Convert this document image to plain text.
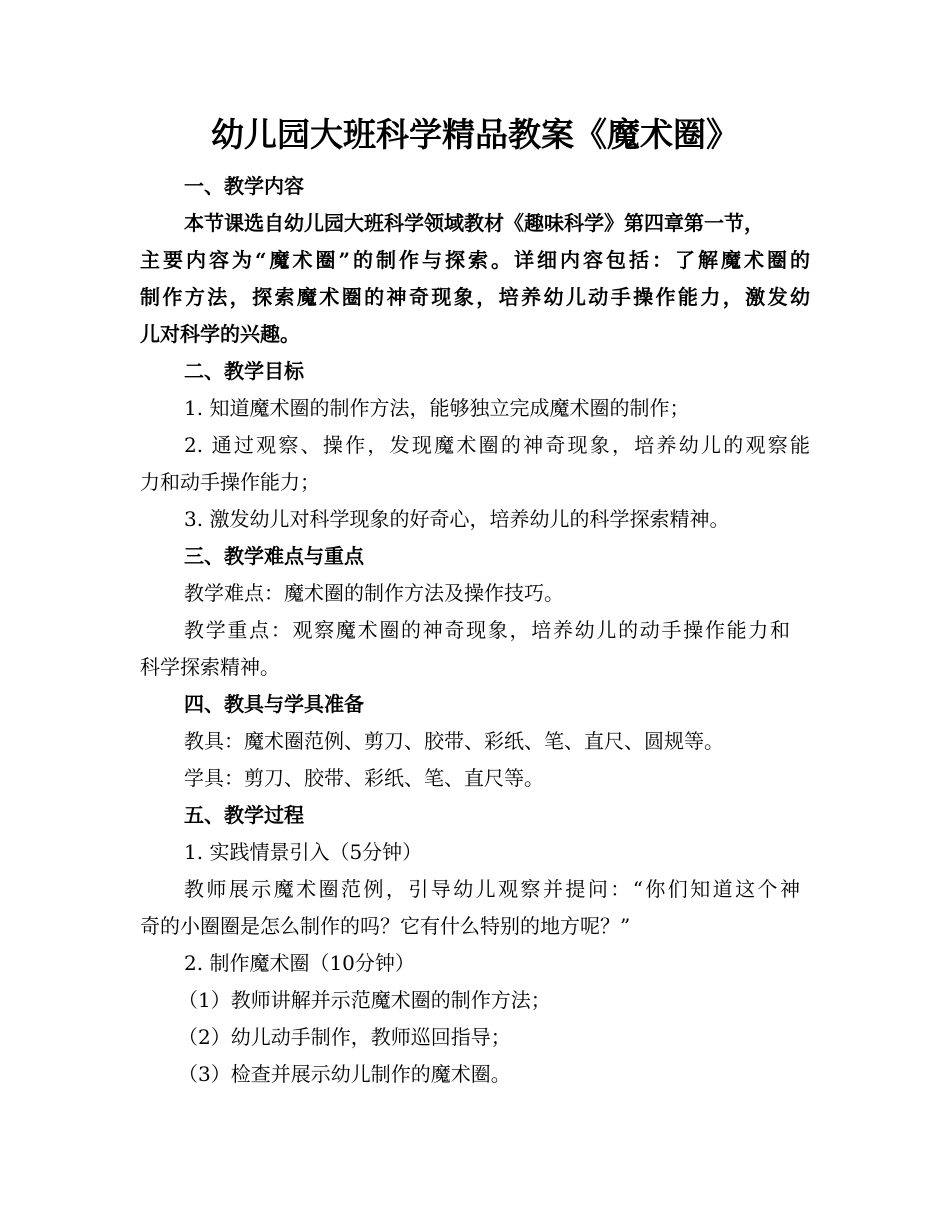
幼儿园大班科学精品教案《魔术圈》
一、教学内容
本节课选自幼儿园大班科学领域教材《趣味科学》第四章第一节，
主要内容为“魔术圈”的制作与探索。详细内容包括：了解魔术圈的
制作方法，探索魔术圈的神奇现象，培养幼儿动手操作能力，激发幼
儿对科学的兴趣。
二、教学目标
1. 知道魔术圈的制作方法，能够独立完成魔术圈的制作；
2. 通过观察、操作，发现魔术圈的神奇现象，培养幼儿的观察能
力和动手操作能力；
3. 激发幼儿对科学现象的好奇心，培养幼儿的科学探索精神。
三、教学难点与重点
教学难点：魔术圈的制作方法及操作技巧。
教学重点：观察魔术圈的神奇现象，培养幼儿的动手操作能力和
科学探索精神。
四、教具与学具准备
教具：魔术圈范例、剪刀、胶带、彩纸、笔、直尺、圆规等。
学具：剪刀、胶带、彩纸、笔、直尺等。
五、教学过程
1. 实践情景引入（5分钟）
教师展示魔术圈范例，引导幼儿观察并提问：“你们知道这个神
奇的小圈圈是怎么制作的吗？它有什么特别的地方呢？”
2. 制作魔术圈（10分钟）
（1）教师讲解并示范魔术圈的制作方法；
（2）幼儿动手制作，教师巡回指导；
（3）检查并展示幼儿制作的魔术圈。
